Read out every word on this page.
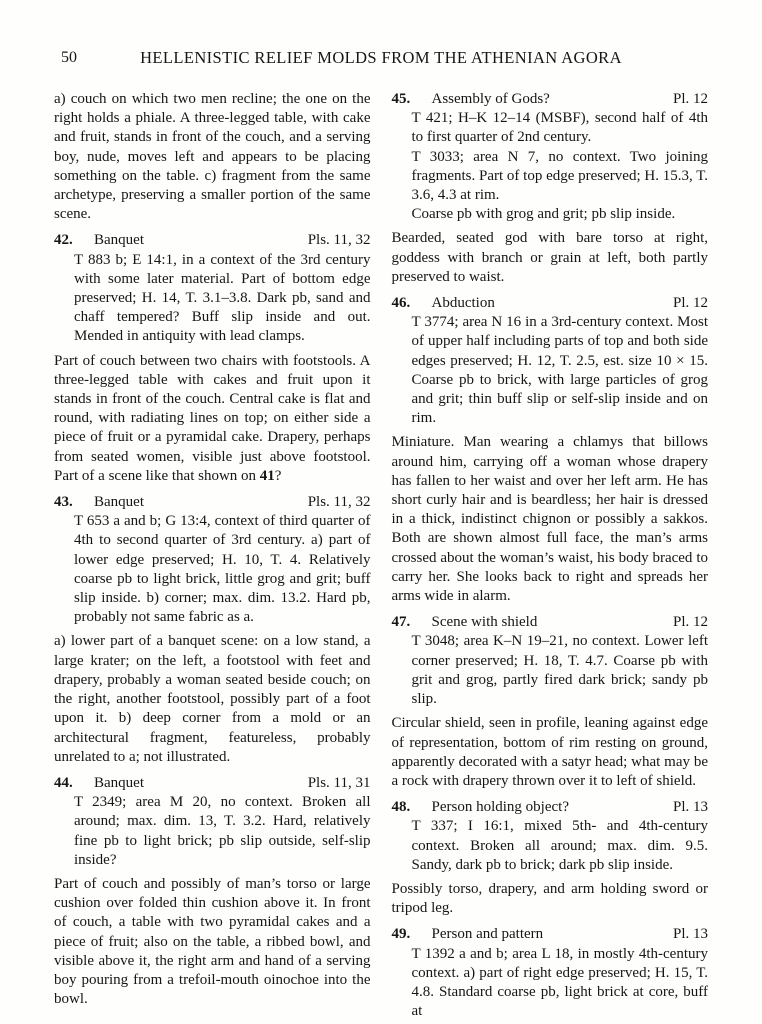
50	HELLENISTIC RELIEF MOLDS FROM THE ATHENIAN AGORA

a) couch on which two men recline; the one on the right holds a phiale. A three-legged table, with cake and fruit, stands in front of the couch, and a serving boy, nude, moves left and appears to be placing something on the table. c) fragment from the same archetype, preserving a smaller portion of the same scene.

42.	Banquet	Pls. 11, 32

T 883 b; E 14:1, in a context of the 3rd century with some later material. Part of bottom edge preserved; H. 14, T. 3.1–3.8. Dark pb, sand and chaff tempered? Buff slip inside and out. Mended in antiquity with lead clamps.

Part of couch between two chairs with footstools. A three-legged table with cakes and fruit upon it stands in front of the couch. Central cake is flat and round, with radiating lines on top; on either side a piece of fruit or a pyramidal cake. Drapery, perhaps from seated women, visible just above footstool. Part of a scene like that shown on 41?

43.	Banquet	Pls. 11, 32

T 653 a and b; G 13:4, context of third quarter of 4th to second quarter of 3rd century. a) part of lower edge preserved; H. 10, T. 4. Relatively coarse pb to light brick, little grog and grit; buff slip inside. b) corner; max. dim. 13.2. Hard pb, probably not same fabric as a.

a) lower part of a banquet scene: on a low stand, a large krater; on the left, a footstool with feet and drapery, probably a woman seated beside couch; on the right, another footstool, possibly part of a foot upon it. b) deep corner from a mold or an architectural fragment, featureless, probably unrelated to a; not illustrated.

44.	Banquet	Pls. 11, 31

T 2349; area M 20, no context. Broken all around; max. dim. 13, T. 3.2. Hard, relatively fine pb to light brick; pb slip outside, self-slip inside?

Part of couch and possibly of man’s torso or large cushion over folded thin cushion above it. In front of couch, a table with two pyramidal cakes and a piece of fruit; also on the table, a ribbed bowl, and visible above it, the right arm and hand of a serving boy pouring from a trefoil-mouth oinochoe into the bowl.

45.	Assembly of Gods?	Pl. 12

T 421; H–K 12–14 (MSBF), second half of 4th to first quarter of 2nd century.

T 3033; area N 7, no context. Two joining fragments. Part of top edge preserved; H. 15.3, T. 3.6, 4.3 at rim.

Coarse pb with grog and grit; pb slip inside.

Bearded, seated god with bare torso at right, goddess with branch or grain at left, both partly preserved to waist.

46.	Abduction	Pl. 12

T 3774; area N 16 in a 3rd-century context. Most of upper half including parts of top and both side edges preserved; H. 12, T. 2.5, est. size 10 × 15. Coarse pb to brick, with large particles of grog and grit; thin buff slip or self-slip inside and on rim.

Miniature. Man wearing a chlamys that billows around him, carrying off a woman whose drapery has fallen to her waist and over her left arm. He has short curly hair and is beardless; her hair is dressed in a thick, indistinct chignon or possibly a sakkos. Both are shown almost full face, the man’s arms crossed about the woman’s waist, his body braced to carry her. She looks back to right and spreads her arms wide in alarm.

47.	Scene with shield	Pl. 12

T 3048; area K–N 19–21, no context. Lower left corner preserved; H. 18, T. 4.7. Coarse pb with grit and grog, partly fired dark brick; sandy pb slip.

Circular shield, seen in profile, leaning against edge of representation, bottom of rim resting on ground, apparently decorated with a satyr head; what may be a rock with drapery thrown over it to left of shield.

48.	Person holding object?	Pl. 13

T 337; I 16:1, mixed 5th- and 4th-century context. Broken all around; max. dim. 9.5. Sandy, dark pb to brick; dark pb slip inside.

Possibly torso, drapery, and arm holding sword or tripod leg.

49.	Person and pattern	Pl. 13

T 1392 a and b; area L 18, in mostly 4th-century context. a) part of right edge preserved; H. 15, T. 4.8. Standard coarse pb, light brick at core, buff at
